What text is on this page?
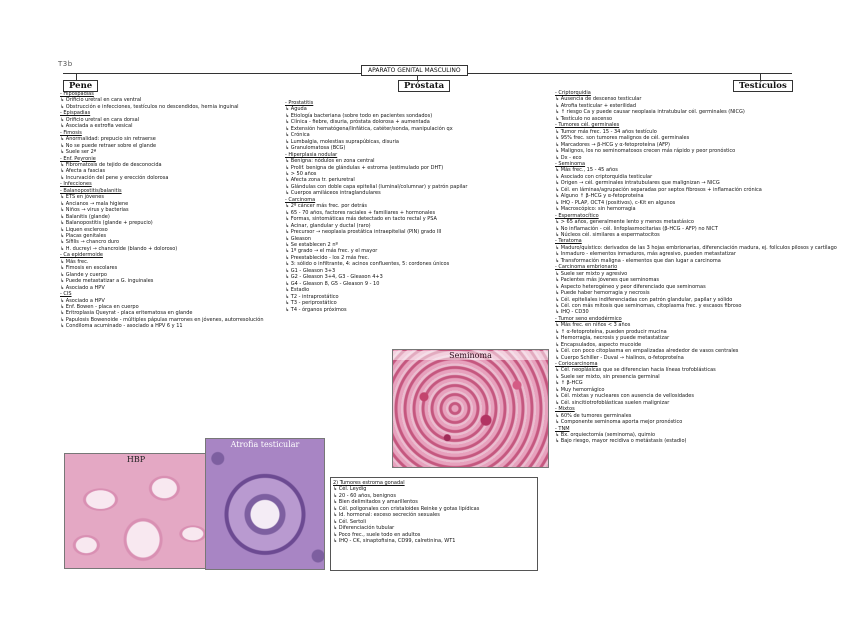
T3b
APARATO GENITAL MASCULINO
Pene	Próstata	Testículos
- Hipospadias
↳ Orificio uretral en cara ventral
↳ Obstrucción e infecciones, testículos no descendidos, hernia inguinal
- Epispadias
↳ Orificio uretral en cara dorsal
↳ Asociada a extrofia vesical
- Fimosis
↳ Anormalidad: prepucio sin retraerse
↳ No se puede retraer sobre el glande
↳ Suele ser 2ª
- Enf. Peyronie
↳ Fibromatosis de tejido de desconocida
↳ Afecta a fascias
↳ Incurvación del pene y erección dolorosa
- Infecciones
- Balanopostitis/balanitis
↳ ETS en jóvenes
↳ Ancianos → mala higiene
↳ Niños → virus y bacterias
↳ Balanitis (glande)
↳ Balanopostitis (glande + prepucio)
↳ Liquen escleroso
↳ Placas genitales
↳ Sífilis → chancro duro
↳ H. ducreyi → chancroide (blando + doloroso)
- Ca epidermoide
↳ Más frec.
↳ Fimosis en escolares
↳ Glande y cuerpo
↳ Puede metastatizar a G. inguinales
↳ Asociado a HPV
- CIS
↳ Asociado a HPV
↳ Enf. Bowen - placa en cuerpo
↳ Eritroplasia Queyrat - placa eritematosa en glande
↳ Papulosis Bowenoide - múltiples pápulas marrones en jóvenes, autorresolución
↳ Condiloma acuminado - asociado a HPV 6 y 11
- Prostatitis
↳ Aguda
↳ Etiología bacteriana (sobre todo en pacientes sondados)
↳ Clínica - fiebre, disuria, próstata dolorosa + aumentada
↳ Extensión hematógena/linfática, catéter/sonda, manipulación qx
↳ Crónica
↳ Lumbalgia, molestias suprapúbicas, disuria
↳ Granulomatosa (BCG)
- Hiperplasia nodular
↳ Benigna: nódulos en zona central
↳ Prolif. benigna de glándulas + estroma (estimulado por DHT)
↳ > 50 años
↳ Afecta zona tr. periuretral
↳ Glándulas con doble capa epitelial (luminal/columnar) y patrón papilar
↳ Cuerpos amiláceos intraglandulares
- Carcinoma
↳ 2º cáncer más frec. por detrás
↳ 65 - 70 años, factores raciales + familiares + hormonales
↳ Formas, sintomáticas más detectado en tacto rectal y PSA
↳ Acinar, glandular y ductal (raro)
↳ Precursor → neoplasia prostática intraepitelial (PIN) grado III
↳ Gleason
↳ Se establecen 2 nº
↳ 1º grado → el más frec. y el mayor
↳ Preestablecido - los 2 más frec.
↳ 3: sólido o infiltrante, 4: acinos confluentes, 5: cordones únicos
↳ G1 - Gleason 3+3
↳ G2 - Gleason 3+4, G3 - Gleason 4+3
↳ G4 - Gleason 8, G5 - Gleason 9 - 10
↳ Estadio
↳ T2 - intraprostático
↳ T3 - periprostático
↳ T4 - órganos próximos
- Criptorquidia
↳ Ausencia de descenso testicular
↳ Atrofia testicular + esterilidad
↳ ↑ riesgo Ca y puede causar neoplasia intratubular cél. germinales (NICG)
↳ Testículo no ascenso
- Tumores cél. germinales
↳ Tumor más frec. 15 - 34 años testículo
↳ 95% frec. son tumores malignos de cél. germinales
↳ Marcadores → β-HCG y α-fetoproteína (AFP)
↳ Malignos, los no seminomatosos crecen más rápido y peor pronóstico
↳ Dx - eco
- Seminoma
↳ Más frec., 15 - 45 años
↳ Asociado con criptorquidia testicular
↳ Origen → cél. germinales intratubulares que malignizan → NICG
↳ Cél. en láminas/agrupación separadas por septos fibrosos + inflamación crónica
↳ Alguno ↑ β-HCG y α-fetoproteína
↳ IHQ - PLAP, OCT4 (positivos), c-Kit en algunos
↳ Macroscópico: sin hemorragia
- Espermatocítico
↳ > 65 años, generalmente lento y menos metastásico
↳ No inflamación - cél. linfoplasmocitarias (β-HCG - AFP) no NICT
↳ Núcleos cél. similares a espermatocitos
- Teratoma
↳ Maduro/quístico: derivados de las 3 hojas embrionarias, diferenciación madura, ej. folículos pilosos y cartílago
↳ Inmaduro - elementos inmaduros, más agresivo, pueden metastatizar
↳ Transformación maligna - elementos que dan lugar a carcinoma
- Carcinoma embrionario
↳ Suele ser mixto y agresivo
↳ Pacientes más jóvenes que seminomas
↳ Aspecto heterogéneo y peor diferenciado que seminomas
↳ Puede haber hemorragia y necrosis
↳ Cél. epiteliales indiferenciadas con patrón glandular, papilar y sólido
↳ Cél. con más mitosis que seminomas, citoplasma frec. y escasos fibroso
↳ IHQ - CD30
- Tumor seno endodérmico
↳ Más frec. en niños < 3 años
↳ ↑ α-fetoproteína, pueden producir mucina
↳ Hemorragia, necrosis y puede metastatizar
↳ Encapsulados, aspecto mucoide
↳ Cél. con poco citoplasma en empalizadas alrededor de vasos centrales
↳ Cuerpo Schiller - Duval → hialinos, α-fetoproteína
- Coriocarcinoma
↳ Cél. neoplásicas que se diferencian hacia líneas trofoblásticas
↳ Suele ser mixto, sin presencia germinal
↳ ↑ β-HCG
↳ Muy hemorrágico
↳ Cél. mixtas y nucleares con ausencia de vellosidades
↳ Cél. sincitiotrofoblásticas suelen malignizar
- Mixtos
↳ 60% de tumores germinales
↳ Componente seminoma aporta mejor pronóstico
- TNM
↳ Bx. orquiectomía (seminoma), quimio
↳ Bajo riesgo, mayor recidiva o metástasis (estadio)
2) Tumores estroma gonadal
↳ Cél. Leydig
↳ 20 - 60 años, benignos
↳ Bien delimitados y amarillentos
↳ Cél. poligonales con cristaloides Reinke y gotas lipídicas
↳ Id. hormonal: exceso secreción sexuales
↳ Cél. Sertoli
↳ Diferenciación tubular
↳ Poco frec., suele todo en adultos
↳ IHQ - CK, sinaptofisina, CD99, calretinina, WT1
Seminoma
HBP
Atrofia testicular
